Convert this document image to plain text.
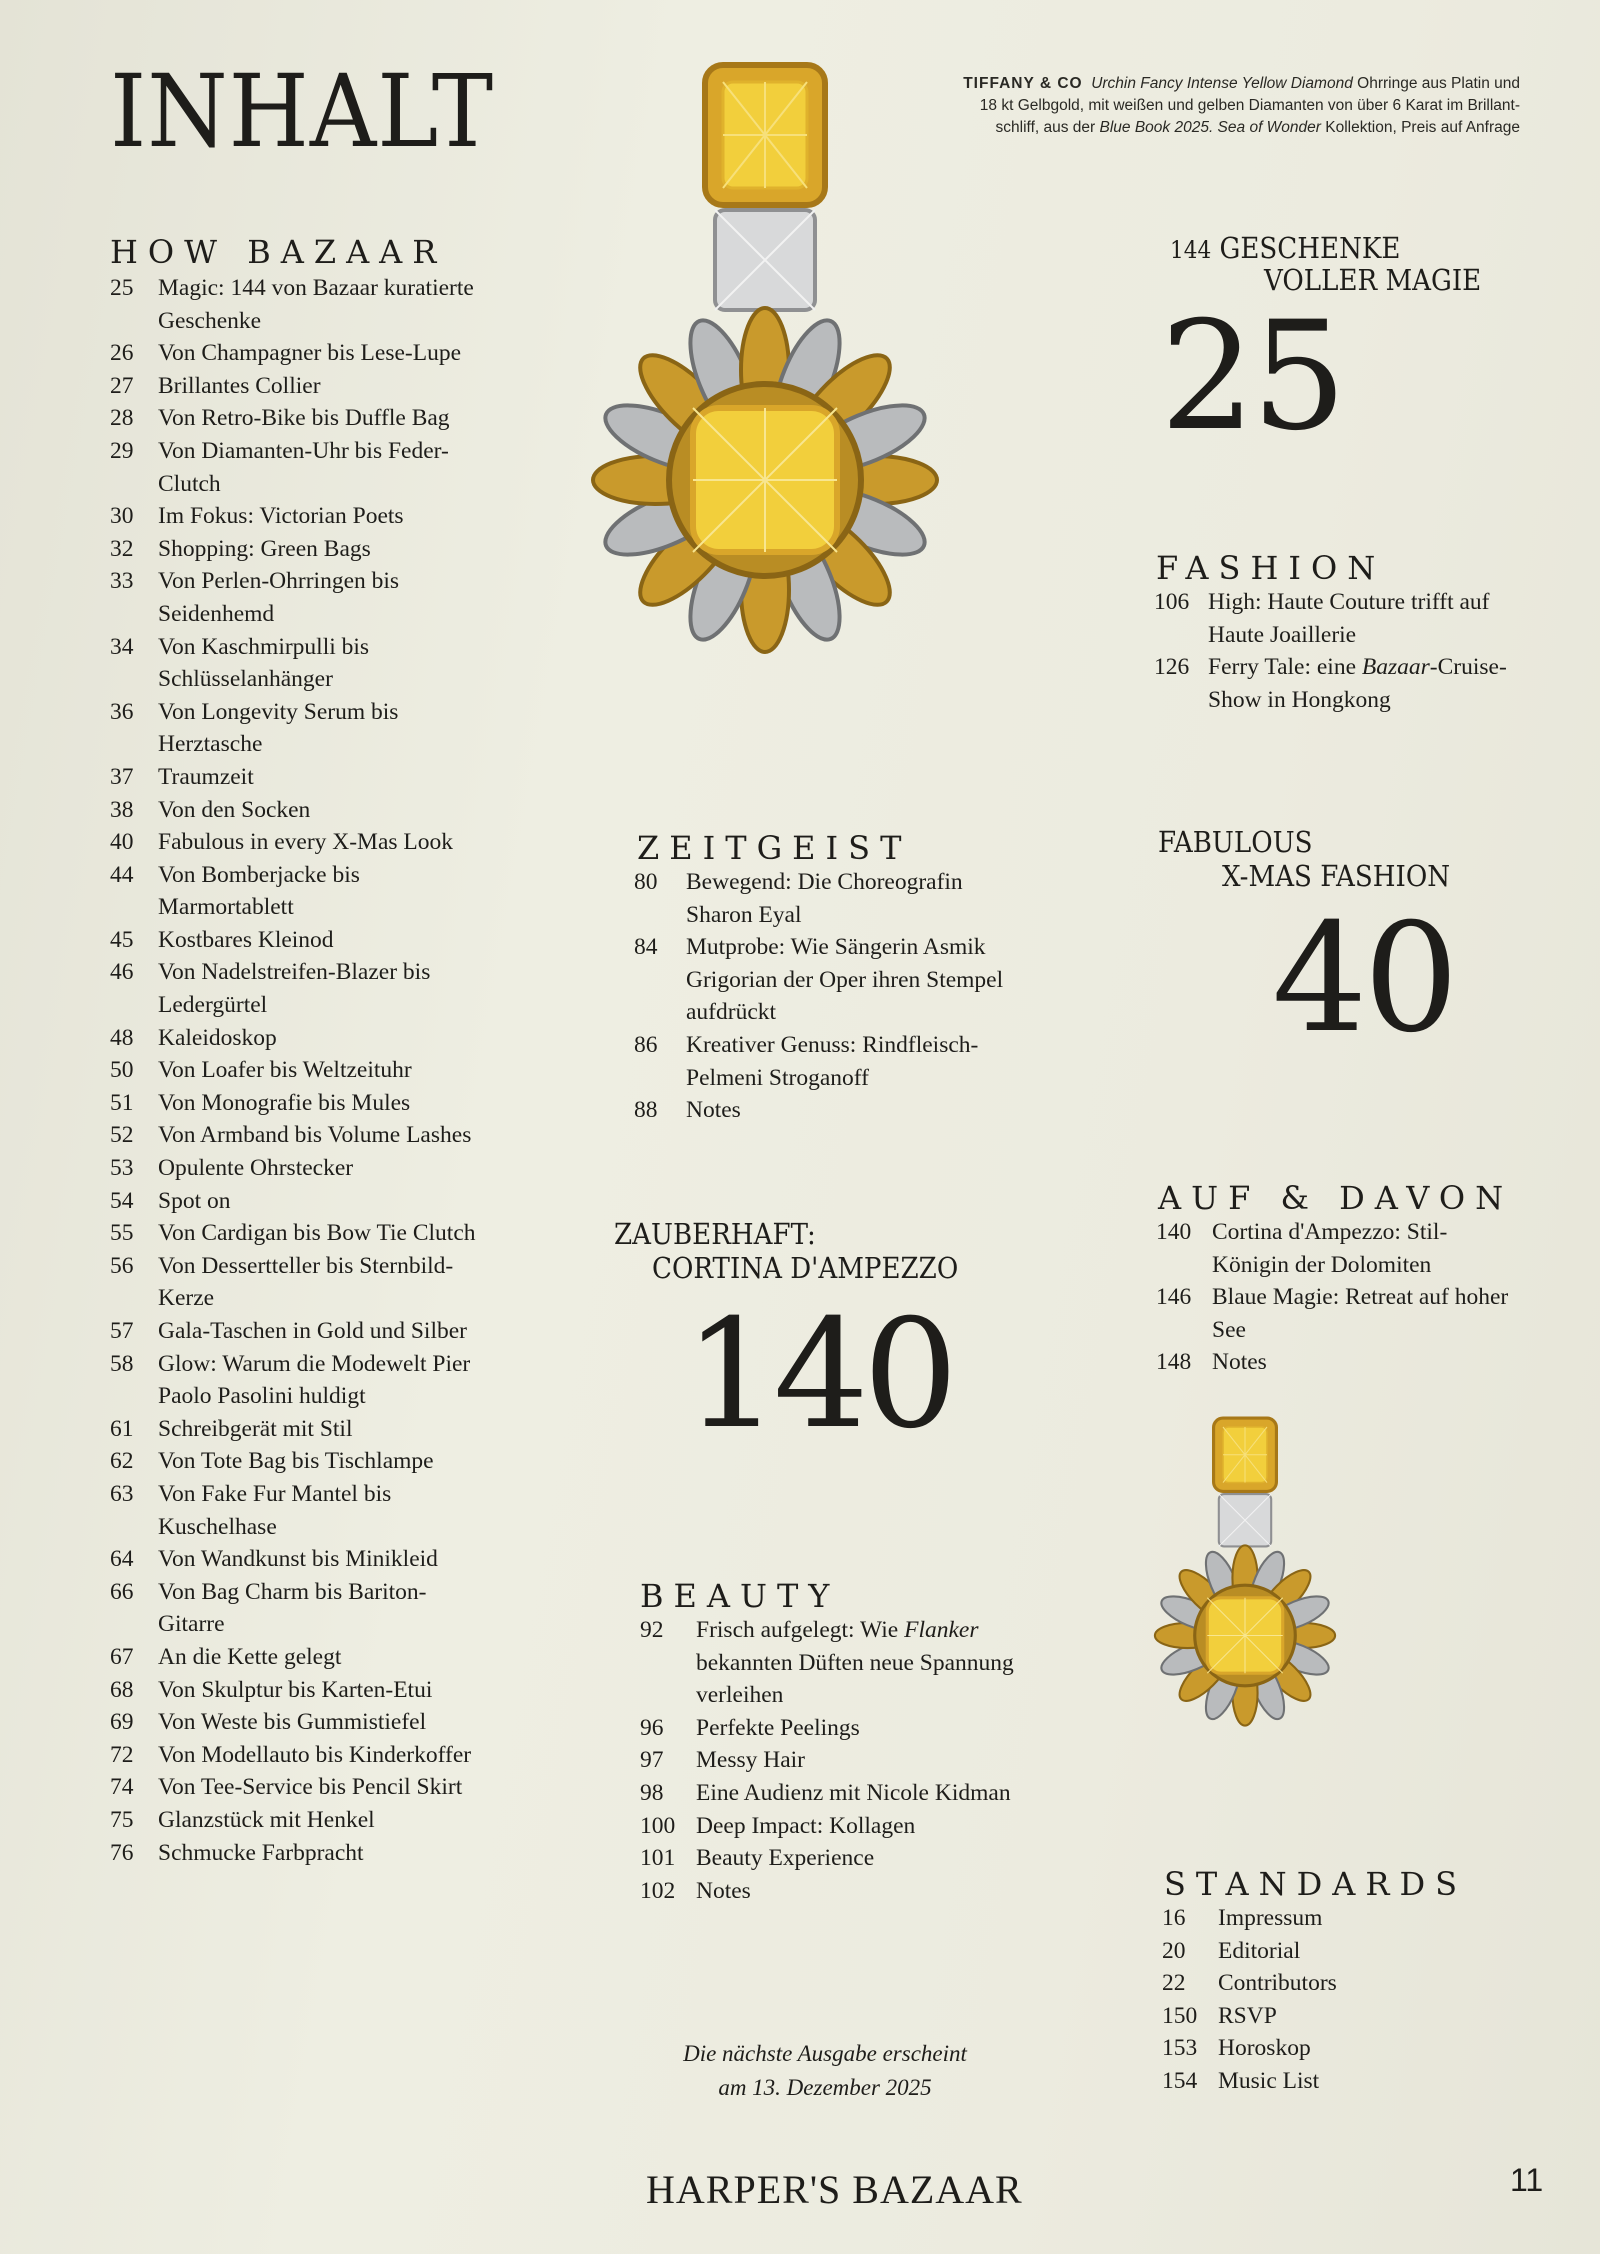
INHALT	TIFFANY & CO Urchin Fancy Intense Yellow Diamond Ohrringe aus Platin und
18 kt Gelbgold, mit weißen und gelben Diamanten von über 6 Karat im Brillant-
schliff, aus der Blue Book 2025. Sea of Wonder Kollektion, Preis auf Anfrage
HOW BAZAAR
25	Magic: 144 von Bazaar kuratierte Geschenke
26	Von Champagner bis Lese-Lupe
27	Brillantes Collier
28	Von Retro-Bike bis Duffle Bag
29	Von Diamanten-Uhr bis Feder-Clutch
30	Im Fokus: Victorian Poets
32	Shopping: Green Bags
33	Von Perlen-Ohrringen bis Seidenhemd
34	Von Kaschmirpulli bis Schlüsselanhänger
36	Von Longevity Serum bis Herztasche
37	Traumzeit
38	Von den Socken
40	Fabulous in every X-Mas Look
44	Von Bomberjacke bis Marmortablett
45	Kostbares Kleinod
46	Von Nadelstreifen-Blazer bis Ledergürtel
48	Kaleidoskop
50	Von Loafer bis Weltzeituhr
51	Von Monografie bis Mules
52	Von Armband bis Volume Lashes
53	Opulente Ohrstecker
54	Spot on
55	Von Cardigan bis Bow Tie Clutch
56	Von Dessertteller bis Sternbild-Kerze
57	Gala-Taschen in Gold und Silber
58	Glow: Warum die Modewelt Pier Paolo Pasolini huldigt
61	Schreibgerät mit Stil
62	Von Tote Bag bis Tischlampe
63	Von Fake Fur Mantel bis Kuschelhase
64	Von Wandkunst bis Minikleid
66	Von Bag Charm bis Bariton-Gitarre
67	An die Kette gelegt
68	Von Skulptur bis Karten-Etui
69	Von Weste bis Gummistiefel
72	Von Modellauto bis Kinderkoffer
74	Von Tee-Service bis Pencil Skirt
75	Glanzstück mit Henkel
76	Schmucke Farbpracht
ZEITGEIST
80	Bewegend: Die Choreografin Sharon Eyal
84	Mutprobe: Wie Sängerin Asmik Grigorian der Oper ihren Stempel aufdrückt
86	Kreativer Genuss: Rindfleisch-Pelmeni Stroganoff
88	Notes
ZAUBERHAFT:
CORTINA D'AMPEZZO
140
BEAUTY
92	Frisch aufgelegt: Wie Flanker bekannten Düften neue Spannung verleihen
96	Perfekte Peelings
97	Messy Hair
98	Eine Audienz mit Nicole Kidman
100 Deep Impact: Kollagen
101 Beauty Experience
102 Notes
Die nächste Ausgabe erscheint
am 13. Dezember 2025
144 GESCHENKE
VOLLER MAGIE
25
FASHION
106 High: Haute Couture trifft auf Haute Joaillerie
126 Ferry Tale: eine Bazaar-Cruise-Show in Hongkong
FABULOUS
X-MAS FASHION
40
AUF & DAVON
140 Cortina d'Ampezzo: Stil-Königin der Dolomiten
146 Blaue Magie: Retreat auf hoher See
148 Notes
STANDARDS
16	Impressum
20	Editorial
22	Contributors
150 RSVP
153 Horoskop
154 Music List
HARPER'S BAZAAR	11
